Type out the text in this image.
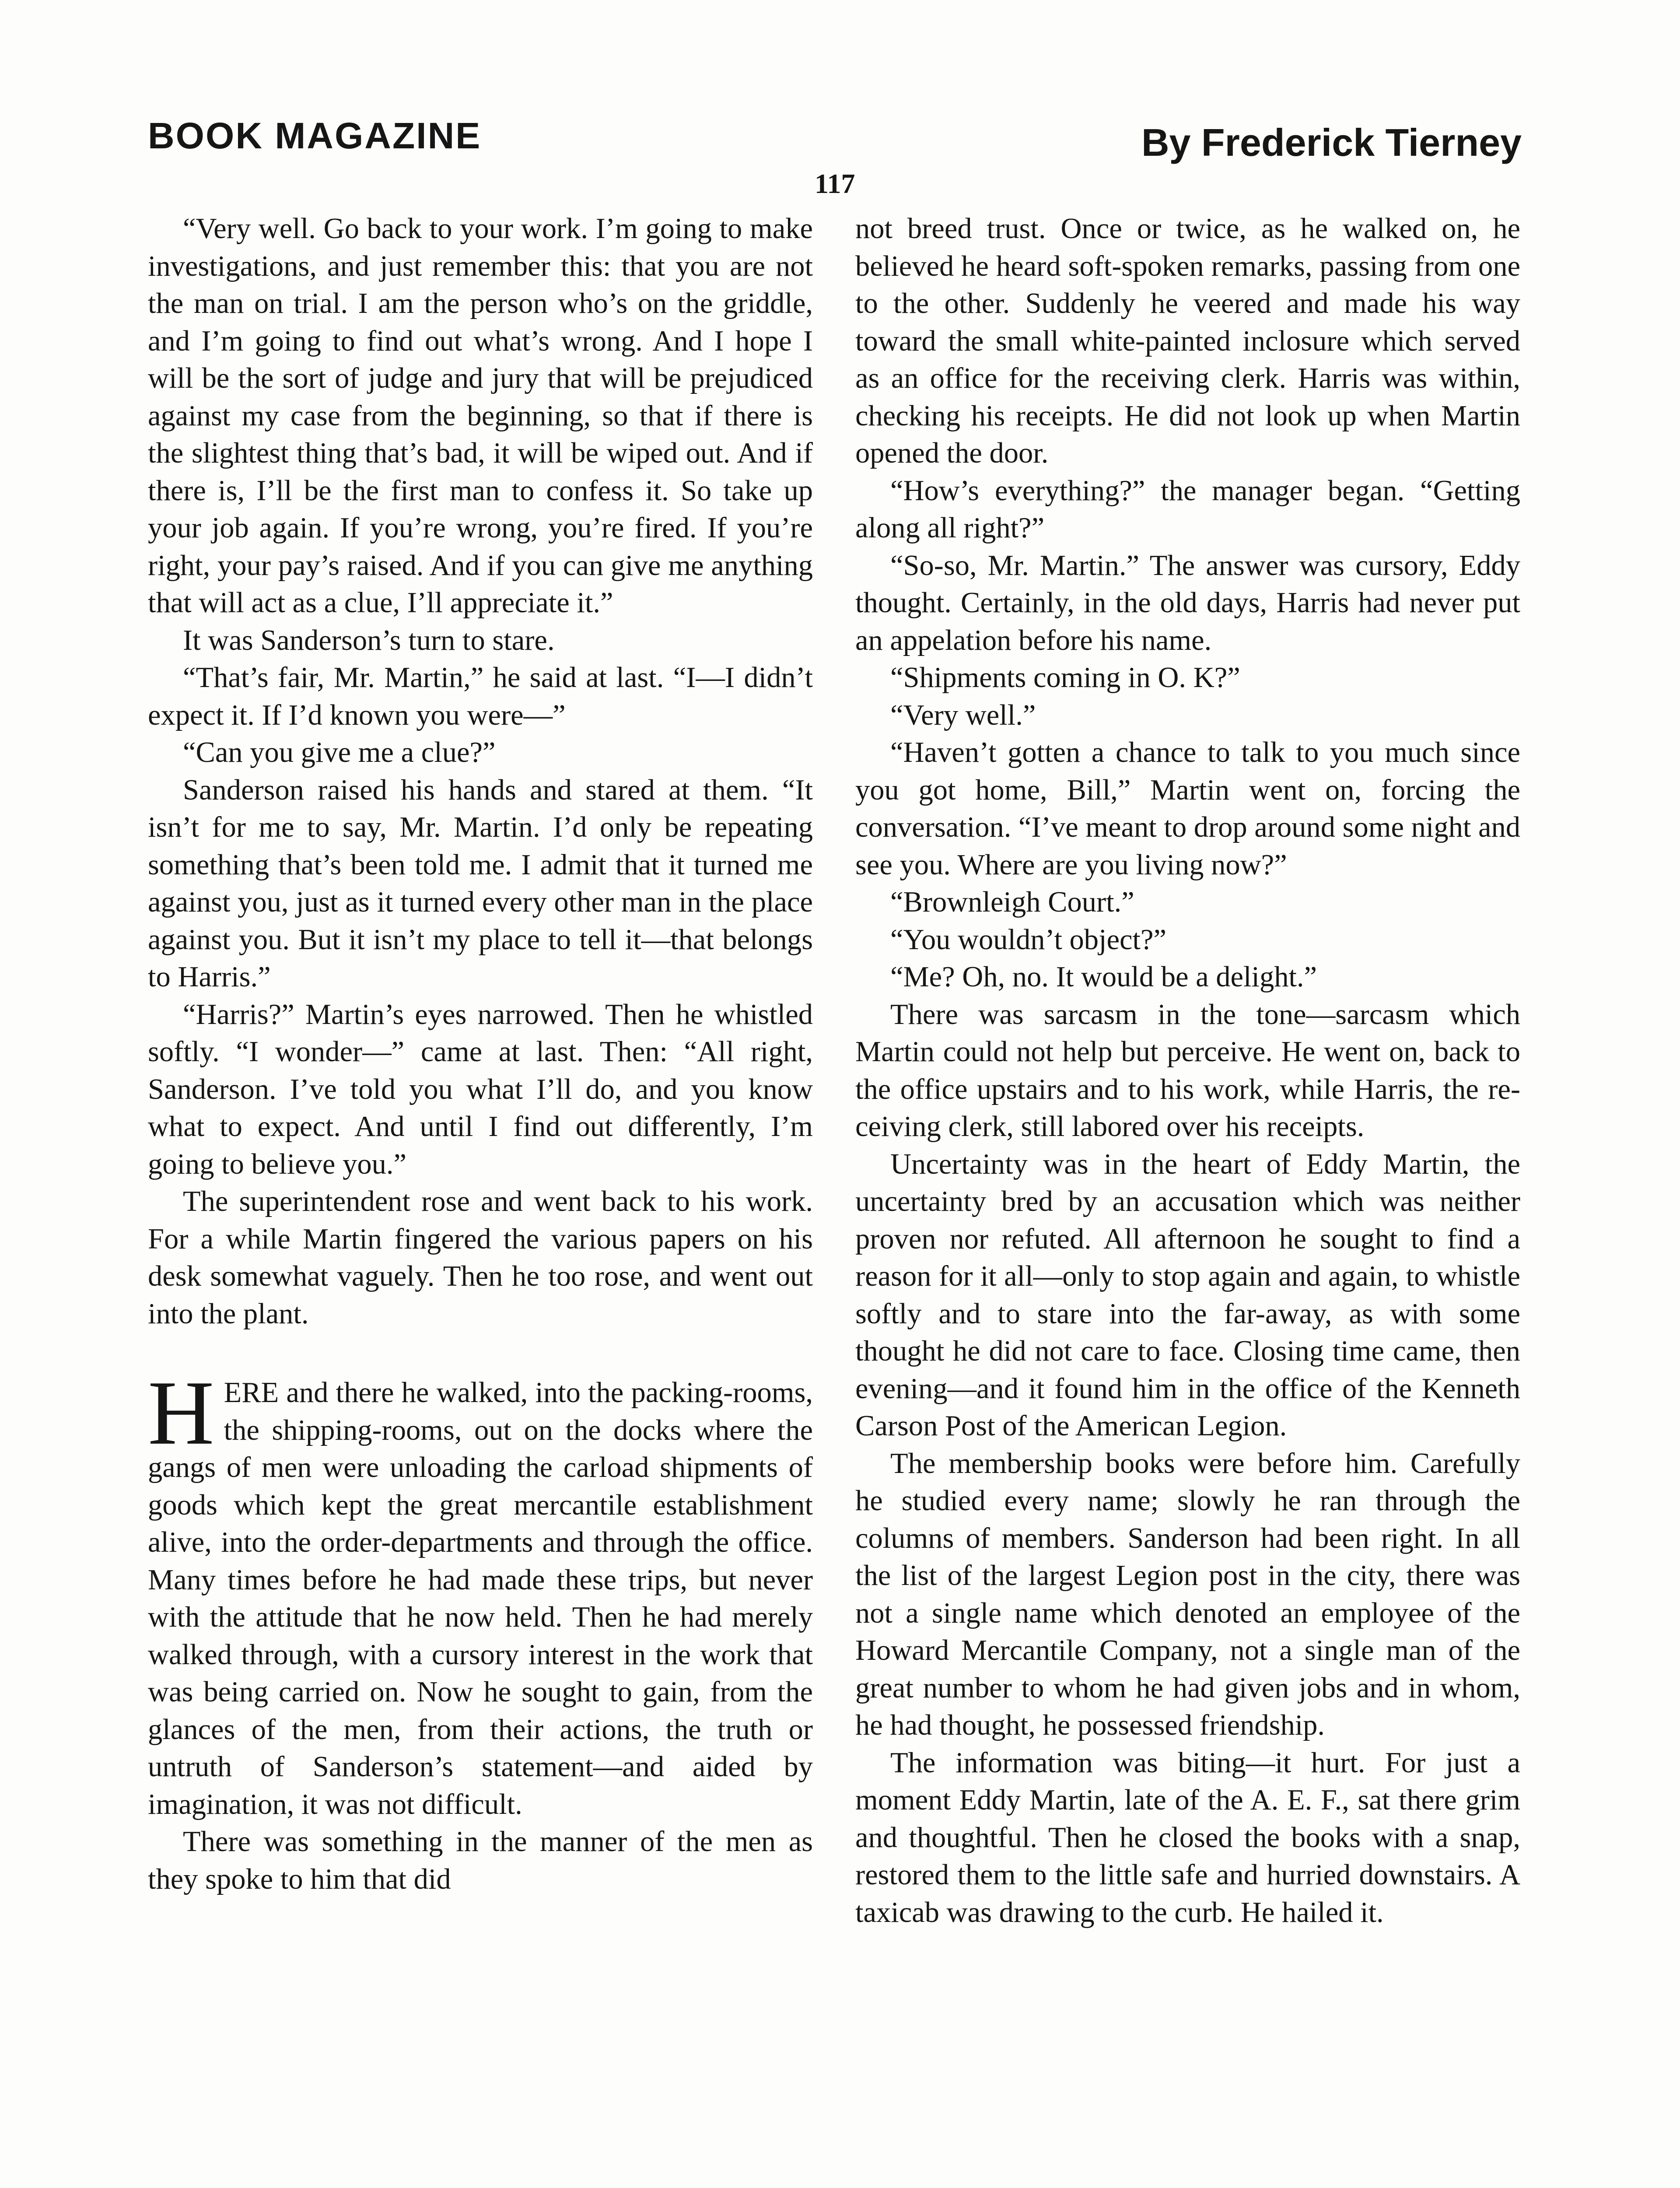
BOOK MAGAZINE	By Frederick Tierney
117

“Very well. Go back to your work. I’m going to make investigations, and just remember this: that you are not the man on trial. I am the person who’s on the griddle, and I’m going to find out what’s wrong. And I hope I will be the sort of judge and jury that will be prejudiced against my case from the beginning, so that if there is the slightest thing that’s bad, it will be wiped out. And if there is, I’ll be the first man to confess it. So take up your job again. If you’re wrong, you’re fired. If you’re right, your pay’s raised. And if you can give me anything that will act as a clue, I’ll appreciate it.”

It was Sanderson’s turn to stare.

“That’s fair, Mr. Martin,” he said at last. “I—I didn’t expect it. If I’d known you were—”

“Can you give me a clue?”

Sanderson raised his hands and stared at them. “It isn’t for me to say, Mr. Martin. I’d only be repeating something that’s been told me. I admit that it turned me against you, just as it turned every other man in the place against you. But it isn’t my place to tell it—that belongs to Harris.”

“Harris?” Martin’s eyes narrowed. Then he whistled softly. “I wonder—” came at last. Then: “All right, Sanderson. I’ve told you what I’ll do, and you know what to expect. And until I find out differently, I’m going to believe you.”

The superintendent rose and went back to his work. For a while Martin fingered the various papers on his desk somewhat vaguely. Then he too rose, and went out into the plant.

HERE and there he walked, into the packing-rooms, the shipping-rooms, out on the docks where the gangs of men were unloading the carload shipments of goods which kept the great mercantile establishment alive, into the order-departments and through the office. Many times before he had made these trips, but never with the attitude that he now held. Then he had merely walked through, with a cursory interest in the work that was being carried on. Now he sought to gain, from the glances of the men, from their actions, the truth or untruth of Sanderson’s statement—and aided by imagination, it was not difficult.

There was something in the manner of the men as they spoke to him that did

not breed trust. Once or twice, as he walked on, he believed he heard soft-spoken remarks, passing from one to the other. Suddenly he veered and made his way toward the small white-painted inclosure which served as an office for the receiving clerk. Harris was within, checking his receipts. He did not look up when Martin opened the door.

“How’s everything?” the manager began. “Getting along all right?”

“So-so, Mr. Martin.” The answer was cursory, Eddy thought. Certainly, in the old days, Harris had never put an appelation before his name.

“Shipments coming in O. K?”

“Very well.”

“Haven’t gotten a chance to talk to you much since you got home, Bill,” Martin went on, forcing the conversation. “I’ve meant to drop around some night and see you. Where are you living now?”

“Brownleigh Court.”

“You wouldn’t object?”

“Me? Oh, no. It would be a delight.”

There was sarcasm in the tone—sarcasm which Martin could not help but perceive. He went on, back to the office upstairs and to his work, while Harris, the receiving clerk, still labored over his receipts.

Uncertainty was in the heart of Eddy Martin, the uncertainty bred by an accusation which was neither proven nor refuted. All afternoon he sought to find a reason for it all—only to stop again and again, to whistle softly and to stare into the far-away, as with some thought he did not care to face. Closing time came, then evening—and it found him in the office of the Kenneth Carson Post of the American Legion.

The membership books were before him. Carefully he studied every name; slowly he ran through the columns of members. Sanderson had been right. In all the list of the largest Legion post in the city, there was not a single name which denoted an employee of the Howard Mercantile Company, not a single man of the great number to whom he had given jobs and in whom, he had thought, he possessed friendship.

The information was biting—it hurt. For just a moment Eddy Martin, late of the A. E. F., sat there grim and thoughtful. Then he closed the books with a snap, restored them to the little safe and hurried downstairs. A taxicab was drawing to the curb. He hailed it.
